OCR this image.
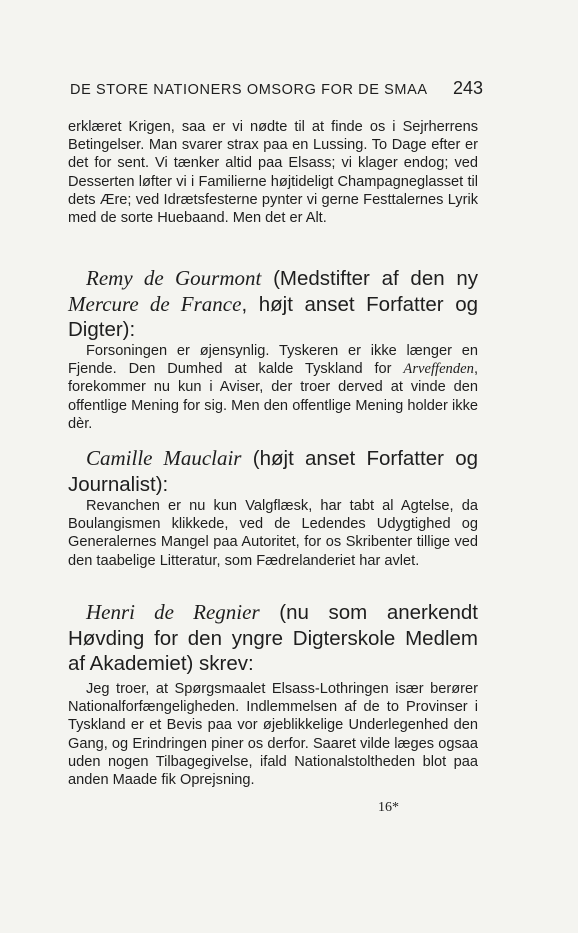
DE STORE NATIONERS OMSORG FOR DE SMAA 243

erklæret Krigen, saa er vi nødte til at finde os i Sejrherrens Betingelser. Man svarer strax paa en Lussing. To Dage efter er det for sent. Vi tænker altid paa Elsass; vi klager endog; ved Desserten løfter vi i Familierne højtideligt Champagneglasset til dets Ære; ved Idrætsfesterne pynter vi gerne Festtalernes Lyrik med de sorte Huebaand. Men det er Alt.

Remy de Gourmont (Medstifter af den ny Mercure de France, højt anset Forfatter og Digter):

Forsoningen er øjensynlig. Tyskeren er ikke længer en Fjende. Den Dumhed at kalde Tyskland for Arveffenden, forekommer nu kun i Aviser, der troer derved at vinde den offentlige Mening for sig. Men den offentlige Mening holder ikke dèr.

Camille Mauclair (højt anset Forfatter og Journalist):

Revanchen er nu kun Valgflæsk, har tabt al Agtelse, da Boulangismen klikkede, ved de Ledendes Udygtighed og Generalernes Mangel paa Autoritet, for os Skribenter tillige ved den taabelige Litteratur, som Fædrelanderiet har avlet.

Henri de Regnier (nu som anerkendt Høvding for den yngre Digterskole Medlem af Akademiet) skrev:

Jeg troer, at Spørgsmaalet Elsass-Lothringen især berører Nationalforfængeligheden. Indlemmelsen af de to Provinser i Tyskland er et Bevis paa vor øjeblikkelige Underlegenhed den Gang, og Erindringen piner os derfor. Saaret vilde læges ogsaa uden nogen Tilbagegivelse, ifald Nationalstoltheden blot paa anden Maade fik Oprejsning.

16*
